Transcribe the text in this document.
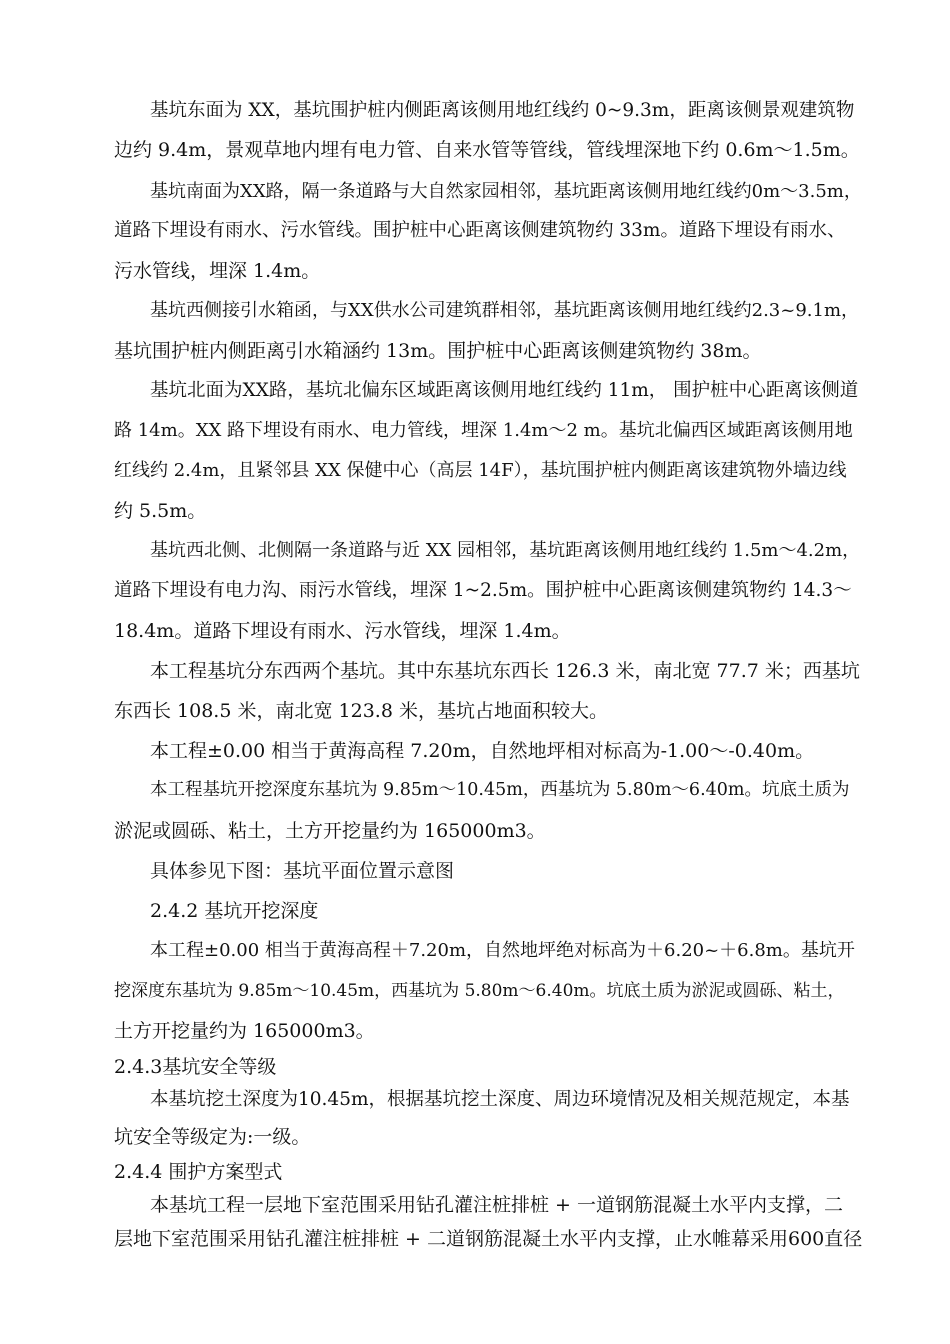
基坑东面为 XX，基坑围护桩内侧距离该侧用地红线约 0~9.3m，距离该侧景观建筑物
边约 9.4m，景观草地内埋有电力管、自来水管等管线，管线埋深地下约 0.6m～1.5m。
基坑南面为XX路，隔一条道路与大自然家园相邻，基坑距离该侧用地红线约0m～3.5m，
道路下埋设有雨水、污水管线。围护桩中心距离该侧建筑物约 33m。道路下埋设有雨水、
污水管线，埋深 1.4m。
基坑西侧接引水箱函，与XX供水公司建筑群相邻，基坑距离该侧用地红线约2.3~9.1m，
基坑围护桩内侧距离引水箱涵约 13m。围护桩中心距离该侧建筑物约 38m。
基坑北面为XX路，基坑北偏东区域距离该侧用地红线约 11m， 围护桩中心距离该侧道
路 14m。XX 路下埋设有雨水、电力管线，埋深 1.4m～2 m。基坑北偏西区域距离该侧用地
红线约 2.4m，且紧邻县 XX 保健中心（高层 14F），基坑围护桩内侧距离该建筑物外墙边线
约 5.5m。
基坑西北侧、北侧隔一条道路与近 XX 园相邻，基坑距离该侧用地红线约 1.5m～4.2m，
道路下埋设有电力沟、雨污水管线，埋深 1~2.5m。围护桩中心距离该侧建筑物约 14.3～
18.4m。道路下埋设有雨水、污水管线，埋深 1.4m。
本工程基坑分东西两个基坑。其中东基坑东西长 126.3 米，南北宽 77.7 米；西基坑
东西长 108.5 米，南北宽 123.8 米，基坑占地面积较大。
本工程±0.00 相当于黄海高程 7.20m，自然地坪相对标高为-1.00～-0.40m。
本工程基坑开挖深度东基坑为 9.85m～10.45m，西基坑为 5.80m～6.40m。坑底土质为
淤泥或圆砾、粘土，土方开挖量约为 165000m3。
具体参见下图：基坑平面位置示意图
2.4.2 基坑开挖深度
本工程±0.00 相当于黄海高程＋7.20m，自然地坪绝对标高为＋6.20~＋6.8m。基坑开
挖深度东基坑为 9.85m～10.45m，西基坑为 5.80m～6.40m。坑底土质为淤泥或圆砾、粘土，
土方开挖量约为 165000m3。
2.4.3基坑安全等级
本基坑挖土深度为10.45m，根据基坑挖土深度、周边环境情况及相关规范规定，本基
坑安全等级定为:一级。
2.4.4 围护方案型式
本基坑工程一层地下室范围采用钻孔灌注桩排桩 + 一道钢筋混凝土水平内支撑，二
层地下室范围采用钻孔灌注桩排桩 + 二道钢筋混凝土水平内支撑，止水帷幕采用600直径
